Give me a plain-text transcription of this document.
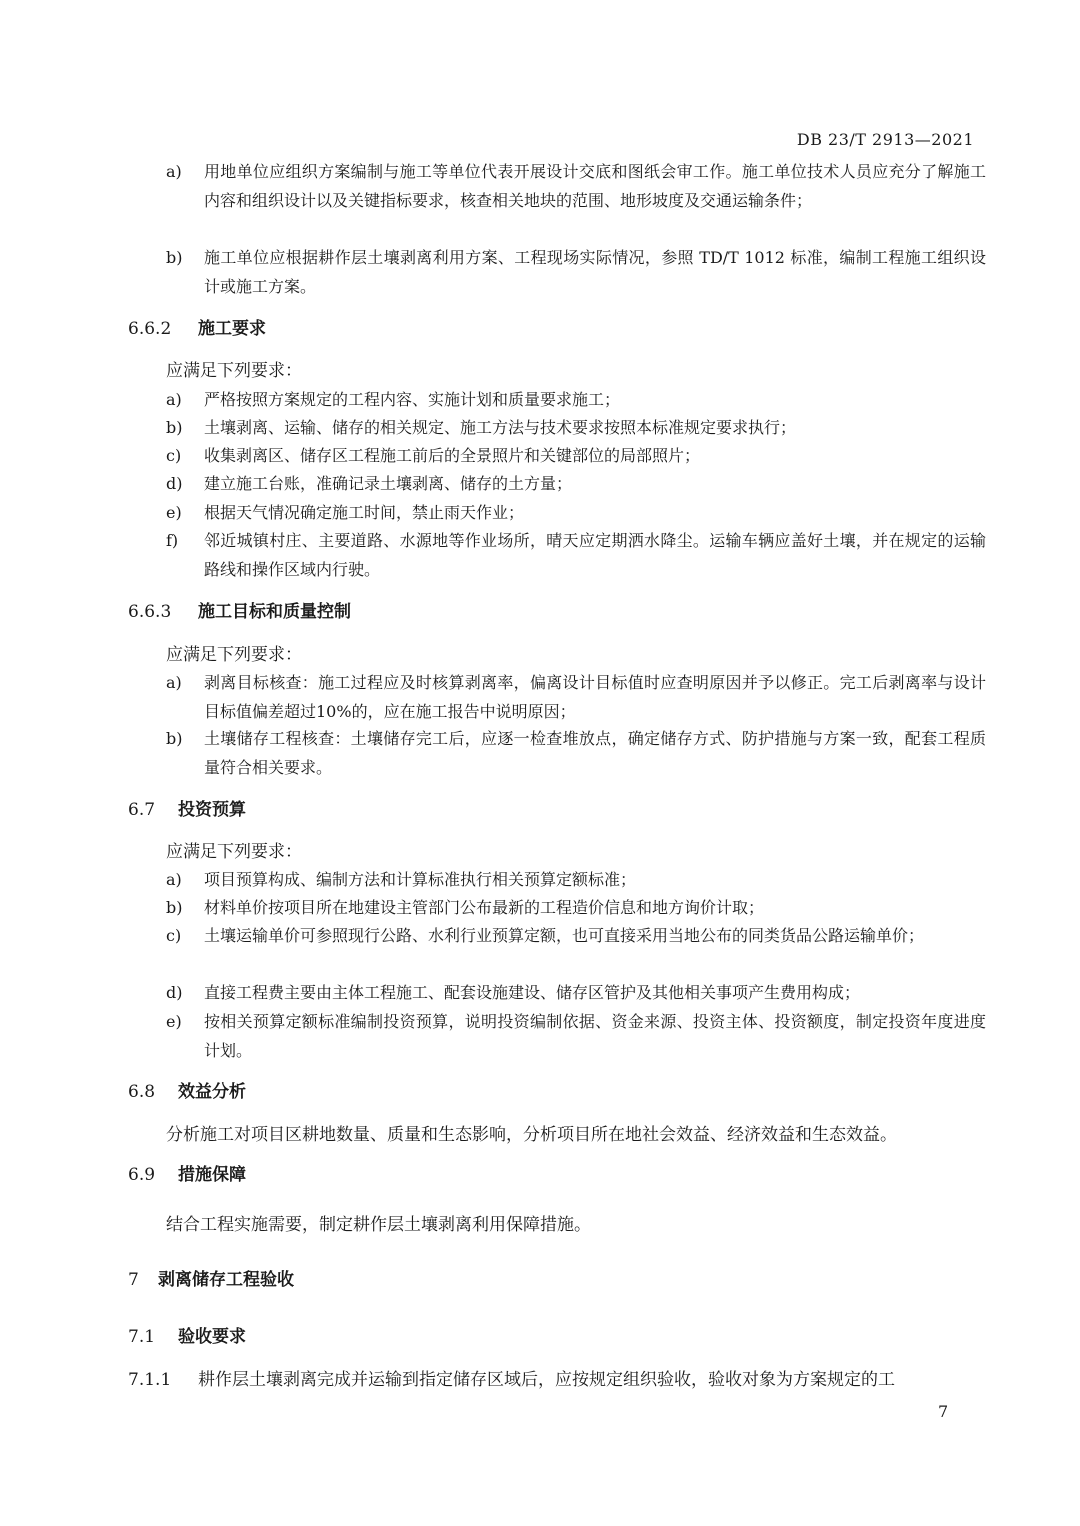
DB 23/T 2913—2021
a)	用地单位应组织方案编制与施工等单位代表开展设计交底和图纸会审工作。施工单位技术人员应充分了解施工内容和组织设计以及关键指标要求，核查相关地块的范围、地形坡度及交通运输条件；
b)	施工单位应根据耕作层土壤剥离利用方案、工程现场实际情况，参照 TD/T 1012 标准，编制工程施工组织设计或施工方案。
6.6.2 施工要求
应满足下列要求：
a)	严格按照方案规定的工程内容、实施计划和质量要求施工；
b)	土壤剥离、运输、储存的相关规定、施工方法与技术要求按照本标准规定要求执行；
c)	收集剥离区、储存区工程施工前后的全景照片和关键部位的局部照片；
d)	建立施工台账，准确记录土壤剥离、储存的土方量；
e)	根据天气情况确定施工时间，禁止雨天作业；
f)	邻近城镇村庄、主要道路、水源地等作业场所，晴天应定期洒水降尘。运输车辆应盖好土壤，并在规定的运输路线和操作区域内行驶。
6.6.3 施工目标和质量控制
应满足下列要求：
a)	剥离目标核查：施工过程应及时核算剥离率，偏离设计目标值时应查明原因并予以修正。完工后剥离率与设计目标值偏差超过10%的，应在施工报告中说明原因；
b)	土壤储存工程核查：土壤储存完工后，应逐一检查堆放点，确定储存方式、防护措施与方案一致，配套工程质量符合相关要求。
6.7 投资预算
应满足下列要求：
a)	项目预算构成、编制方法和计算标准执行相关预算定额标准；
b)	材料单价按项目所在地建设主管部门公布最新的工程造价信息和地方询价计取；
c)	土壤运输单价可参照现行公路、水利行业预算定额，也可直接采用当地公布的同类货品公路运输单价；
d)	直接工程费主要由主体工程施工、配套设施建设、储存区管护及其他相关事项产生费用构成；
e)	按相关预算定额标准编制投资预算，说明投资编制依据、资金来源、投资主体、投资额度，制定投资年度进度计划。
6.8 效益分析
分析施工对项目区耕地数量、质量和生态影响，分析项目所在地社会效益、经济效益和生态效益。
6.9 措施保障
结合工程实施需要，制定耕作层土壤剥离利用保障措施。
7 剥离储存工程验收
7.1 验收要求
7.1.1 耕作层土壤剥离完成并运输到指定储存区域后，应按规定组织验收，验收对象为方案规定的工
7
